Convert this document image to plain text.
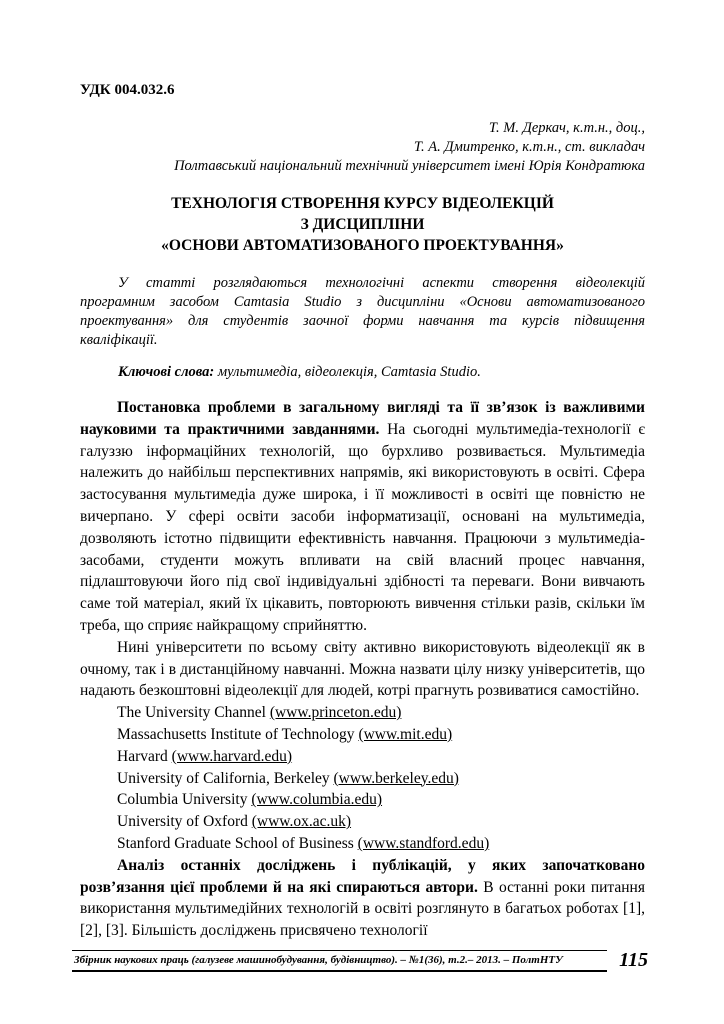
УДК 004.032.6
Т. М. Деркач, к.т.н., доц.,
Т. А. Дмитренко, к.т.н., ст. викладач
Полтавський національний технічний університет імені Юрія Кондратюка
ТЕХНОЛОГІЯ СТВОРЕННЯ КУРСУ ВІДЕОЛЕКЦІЙ
З ДИСЦИПЛІНИ
«ОСНОВИ АВТОМАТИЗОВАНОГО ПРОЕКТУВАННЯ»

У статті розглядаються технологічні аспекти створення відеолекцій програмним засобом Camtasia Studio з дисципліни «Основи автоматизованого проектування» для студентів заочної форми навчання та курсів підвищення кваліфікації.

Ключові слова: мультимедіа, відеолекція, Camtasia Studio.

Постановка проблеми в загальному вигляді та її зв’язок із важливими науковими та практичними завданнями. На сьогодні мультимедіа-технології є галуззю інформаційних технологій, що бурхливо розвивається. Мультимедіа належить до найбільш перспективних напрямів, які використовують в освіті. Сфера застосування мультимедіа дуже широка, і її можливості в освіті ще повністю не вичерпано. У сфері освіти засоби інформатизації, основані на мультимедіа, дозволяють істотно підвищити ефективність навчання. Працюючи з мультимедіа-засобами, студенти можуть впливати на свій власний процес навчання, підлаштовуючи його під свої індивідуальні здібності та переваги. Вони вивчають саме той матеріал, який їх цікавить, повторюють вивчення стільки разів, скільки їм треба, що сприяє найкращому сприйняттю.

Нині університети по всьому світу активно використовують відеолекції як в очному, так і в дистанційному навчанні. Можна назвати цілу низку університетів, що надають безкоштовні відеолекції для людей, котрі прагнуть розвиватися самостійно.

The University Channel (www.princeton.edu)
Massachusetts Institute of Technology (www.mit.edu)
Harvard (www.harvard.edu)
University of California, Berkeley (www.berkeley.edu)
Columbia University (www.columbia.edu)
University of Oxford (www.ox.ac.uk)
Stanford Graduate School of Business (www.standford.edu)

Аналіз останніх досліджень і публікацій, у яких започатковано розв’язання цієї проблеми й на які спираються автори. В останні роки питання використання мультимедійних технологій в освіті розглянуто в багатьох роботах [1], [2], [3]. Більшість досліджень присвячено технології

Збірник наукових праць (галузеве машинобудування, будівництво). – №1(36), т.2.– 2013. – ПолтНТУ	115
